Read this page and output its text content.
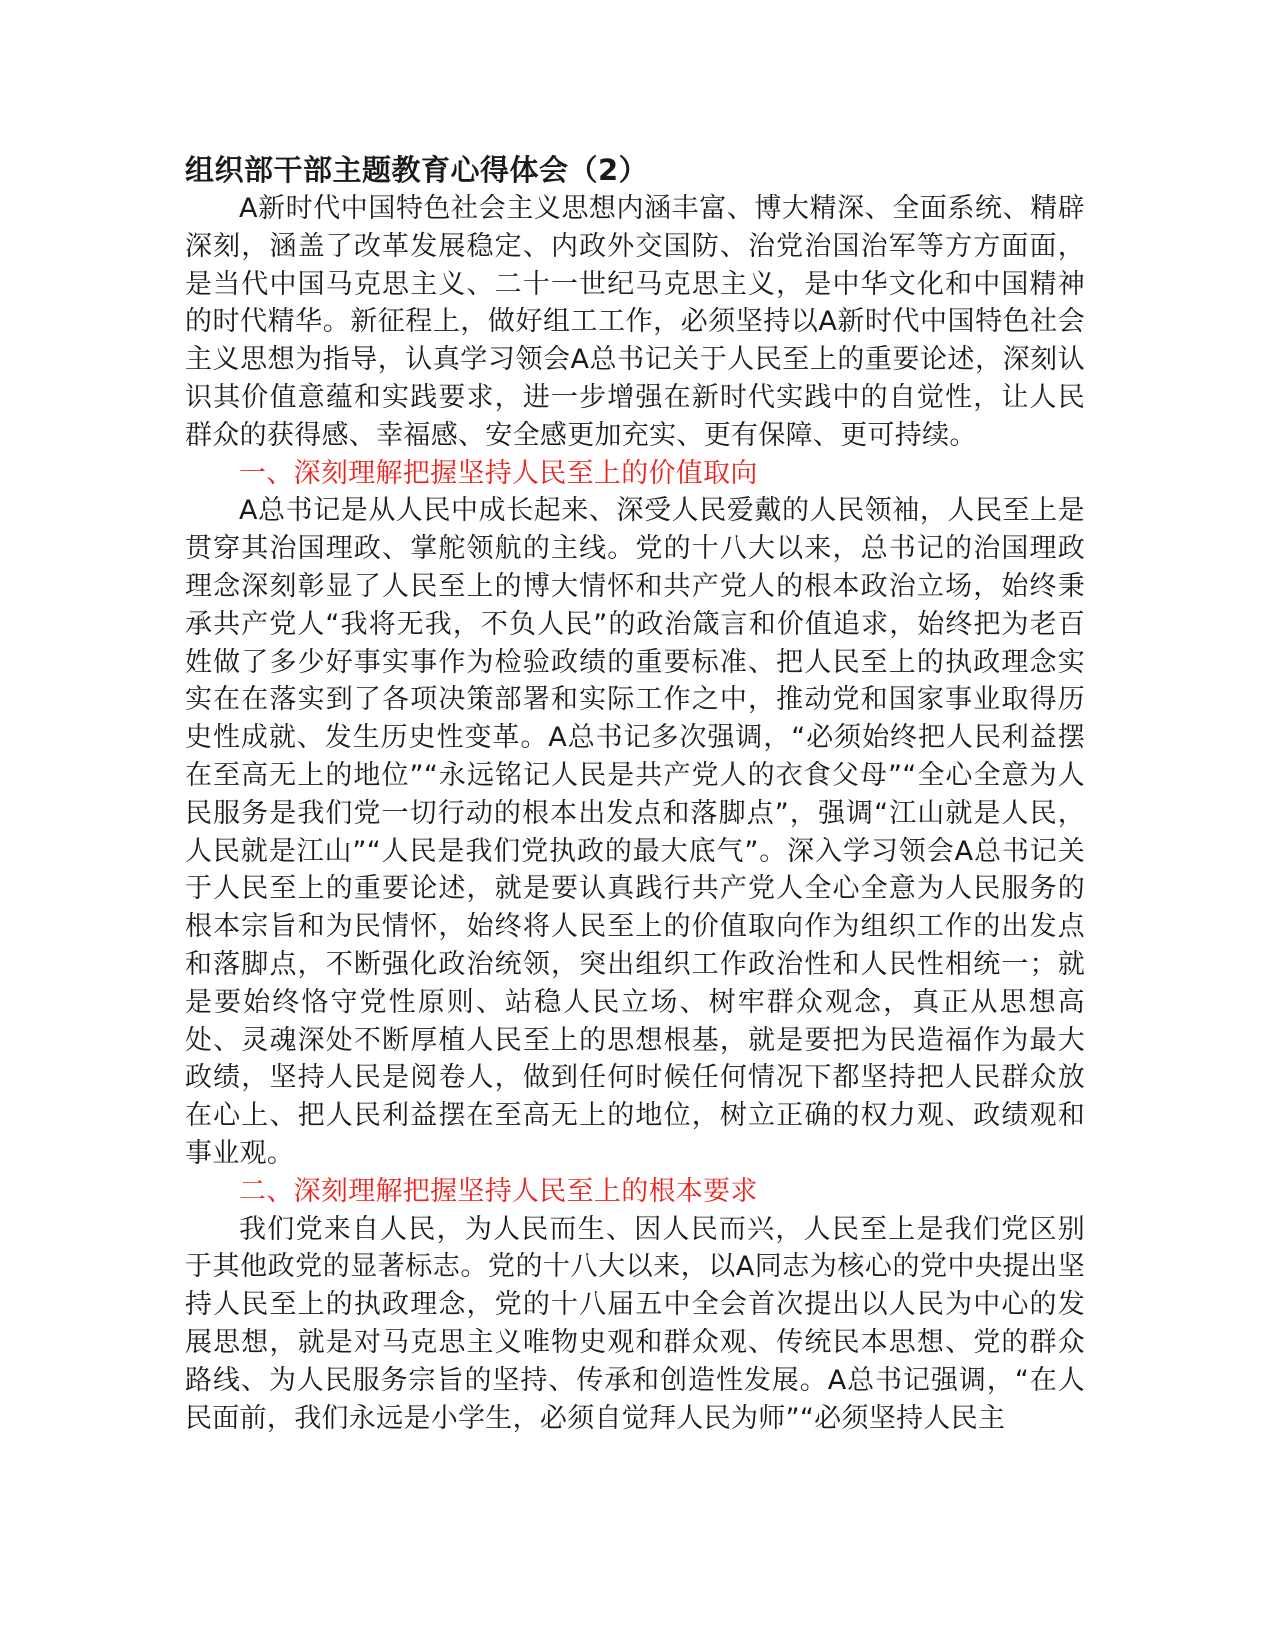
组织部干部主题教育心得体会（2）

A新时代中国特色社会主义思想内涵丰富、博大精深、全面系统、精辟深刻，涵盖了改革发展稳定、内政外交国防、治党治国治军等方方面面，是当代中国马克思主义、二十一世纪马克思主义，是中华文化和中国精神的时代精华。新征程上，做好组工工作，必须坚持以A新时代中国特色社会主义思想为指导，认真学习领会A总书记关于人民至上的重要论述，深刻认识其价值意蕴和实践要求，进一步增强在新时代实践中的自觉性，让人民群众的获得感、幸福感、安全感更加充实、更有保障、更可持续。

一、深刻理解把握坚持人民至上的价值取向

A总书记是从人民中成长起来、深受人民爱戴的人民领袖，人民至上是贯穿其治国理政、掌舵领航的主线。党的十八大以来，总书记的治国理政理念深刻彰显了人民至上的博大情怀和共产党人的根本政治立场，始终秉承共产党人“我将无我，不负人民”的政治箴言和价值追求，始终把为老百姓做了多少好事实事作为检验政绩的重要标准、把人民至上的执政理念实实在在落实到了各项决策部署和实际工作之中，推动党和国家事业取得历史性成就、发生历史性变革。A总书记多次强调，“必须始终把人民利益摆在至高无上的地位”“永远铭记人民是共产党人的衣食父母”“全心全意为人民服务是我们党一切行动的根本出发点和落脚点”，强调“江山就是人民，人民就是江山”“人民是我们党执政的最大底气”。深入学习领会A总书记关于人民至上的重要论述，就是要认真践行共产党人全心全意为人民服务的根本宗旨和为民情怀，始终将人民至上的价值取向作为组织工作的出发点和落脚点，不断强化政治统领，突出组织工作政治性和人民性相统一；就是要始终恪守党性原则、站稳人民立场、树牢群众观念，真正从思想高处、灵魂深处不断厚植人民至上的思想根基，就是要把为民造福作为最大政绩，坚持人民是阅卷人，做到任何时候任何情况下都坚持把人民群众放在心上、把人民利益摆在至高无上的地位，树立正确的权力观、政绩观和事业观。

二、深刻理解把握坚持人民至上的根本要求

我们党来自人民，为人民而生、因人民而兴，人民至上是我们党区别于其他政党的显著标志。党的十八大以来，以A同志为核心的党中央提出坚持人民至上的执政理念，党的十八届五中全会首次提出以人民为中心的发展思想，就是对马克思主义唯物史观和群众观、传统民本思想、党的群众路线、为人民服务宗旨的坚持、传承和创造性发展。A总书记强调，“在人民面前，我们永远是小学生，必须自觉拜人民为师”“必须坚持人民主
